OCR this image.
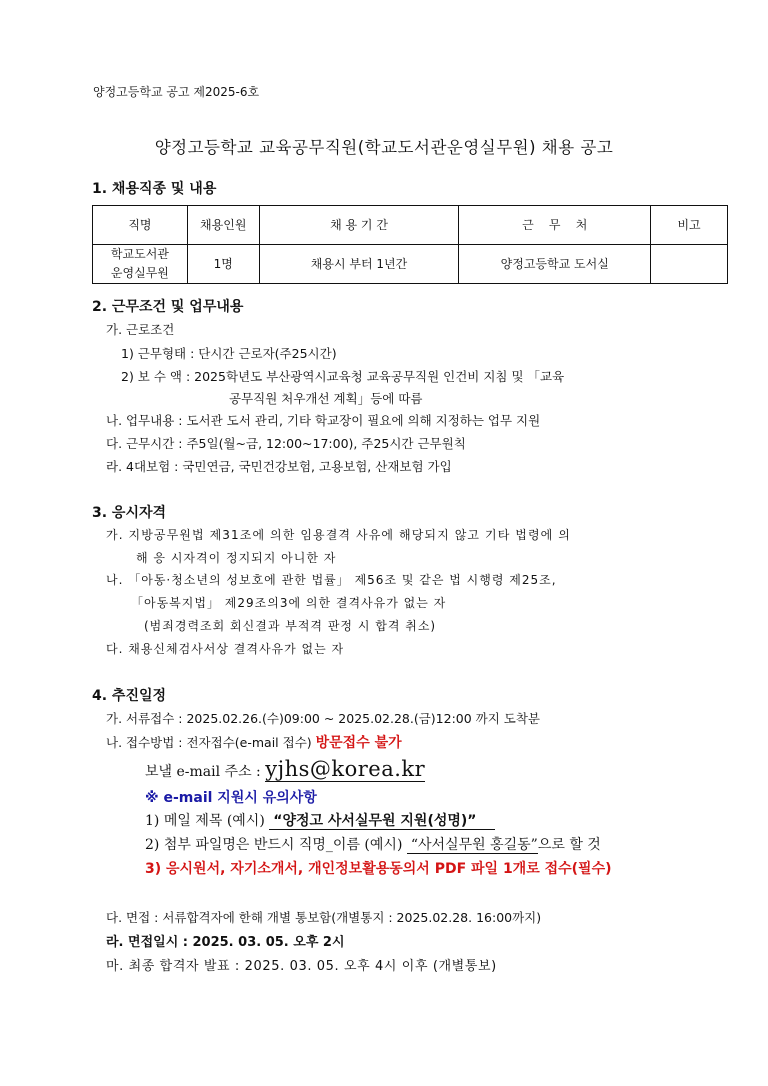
양정고등학교 공고 제2025-6호
양정고등학교 교육공무직원(학교도서관운영실무원) 채용 공고
1. 채용직종 및 내용
직명	채용인원	채 용 기 간	근    무    처	비고

학교도서관
운영실무원	1명	채용시 부터 1년간	양정고등학교 도서실	
2. 근무조건 및 업무내용
가. 근로조건
1) 근무형태 : 단시간 근로자(주25시간)
2) 보 수 액 : 2025학년도 부산광역시교육청 교육공무직원 인건비 지침 및 「교육
공무직원 처우개선 계획」등에 따름
나. 업무내용 : 도서관 도서 관리, 기타 학교장이 필요에 의해 지정하는 업무 지원
다. 근무시간 : 주5일(월~금, 12:00~17:00), 주25시간 근무원칙
라. 4대보험 : 국민연금, 국민건강보험, 고용보험, 산재보험 가입
3. 응시자격
가. 지방공무원법 제31조에 의한 임용결격 사유에 해당되지 않고 기타 법령에 의
해 응 시자격이 정지되지 아니한 자
나. 「아동·청소년의 성보호에 관한 법률」 제56조 및 같은 법 시행령 제25조,
「아동복지법」 제29조의3에 의한 결격사유가 없는 자
(범죄경력조회 회신결과 부적격 판정 시 합격 취소)
다. 채용신체검사서상 결격사유가 없는 자
4. 추진일정
가. 서류접수 : 2025.02.26.(수)09:00 ~ 2025.02.28.(금)12:00 까지 도착분
나. 접수방법 : 전자접수(e-mail 접수) 방문접수 불가
보낼 e-mail 주소 : yjhs@korea.kr
※ e-mail 지원시 유의사항
1) 메일 제목 (예시) “양정고 사서실무원 지원(성명)”
2) 첨부 파일명은 반드시 직명_이름 (예시) “사서실무원 홍길동”으로 할 것
3) 응시원서, 자기소개서, 개인정보활용동의서 PDF 파일 1개로 접수(필수)
다. 면접 : 서류합격자에 한해 개별 통보함(개별통지 : 2025.02.28. 16:00까지)
라. 면접일시 : 2025. 03. 05. 오후 2시
마. 최종 합격자 발표 : 2025. 03. 05. 오후 4시 이후 (개별통보)
